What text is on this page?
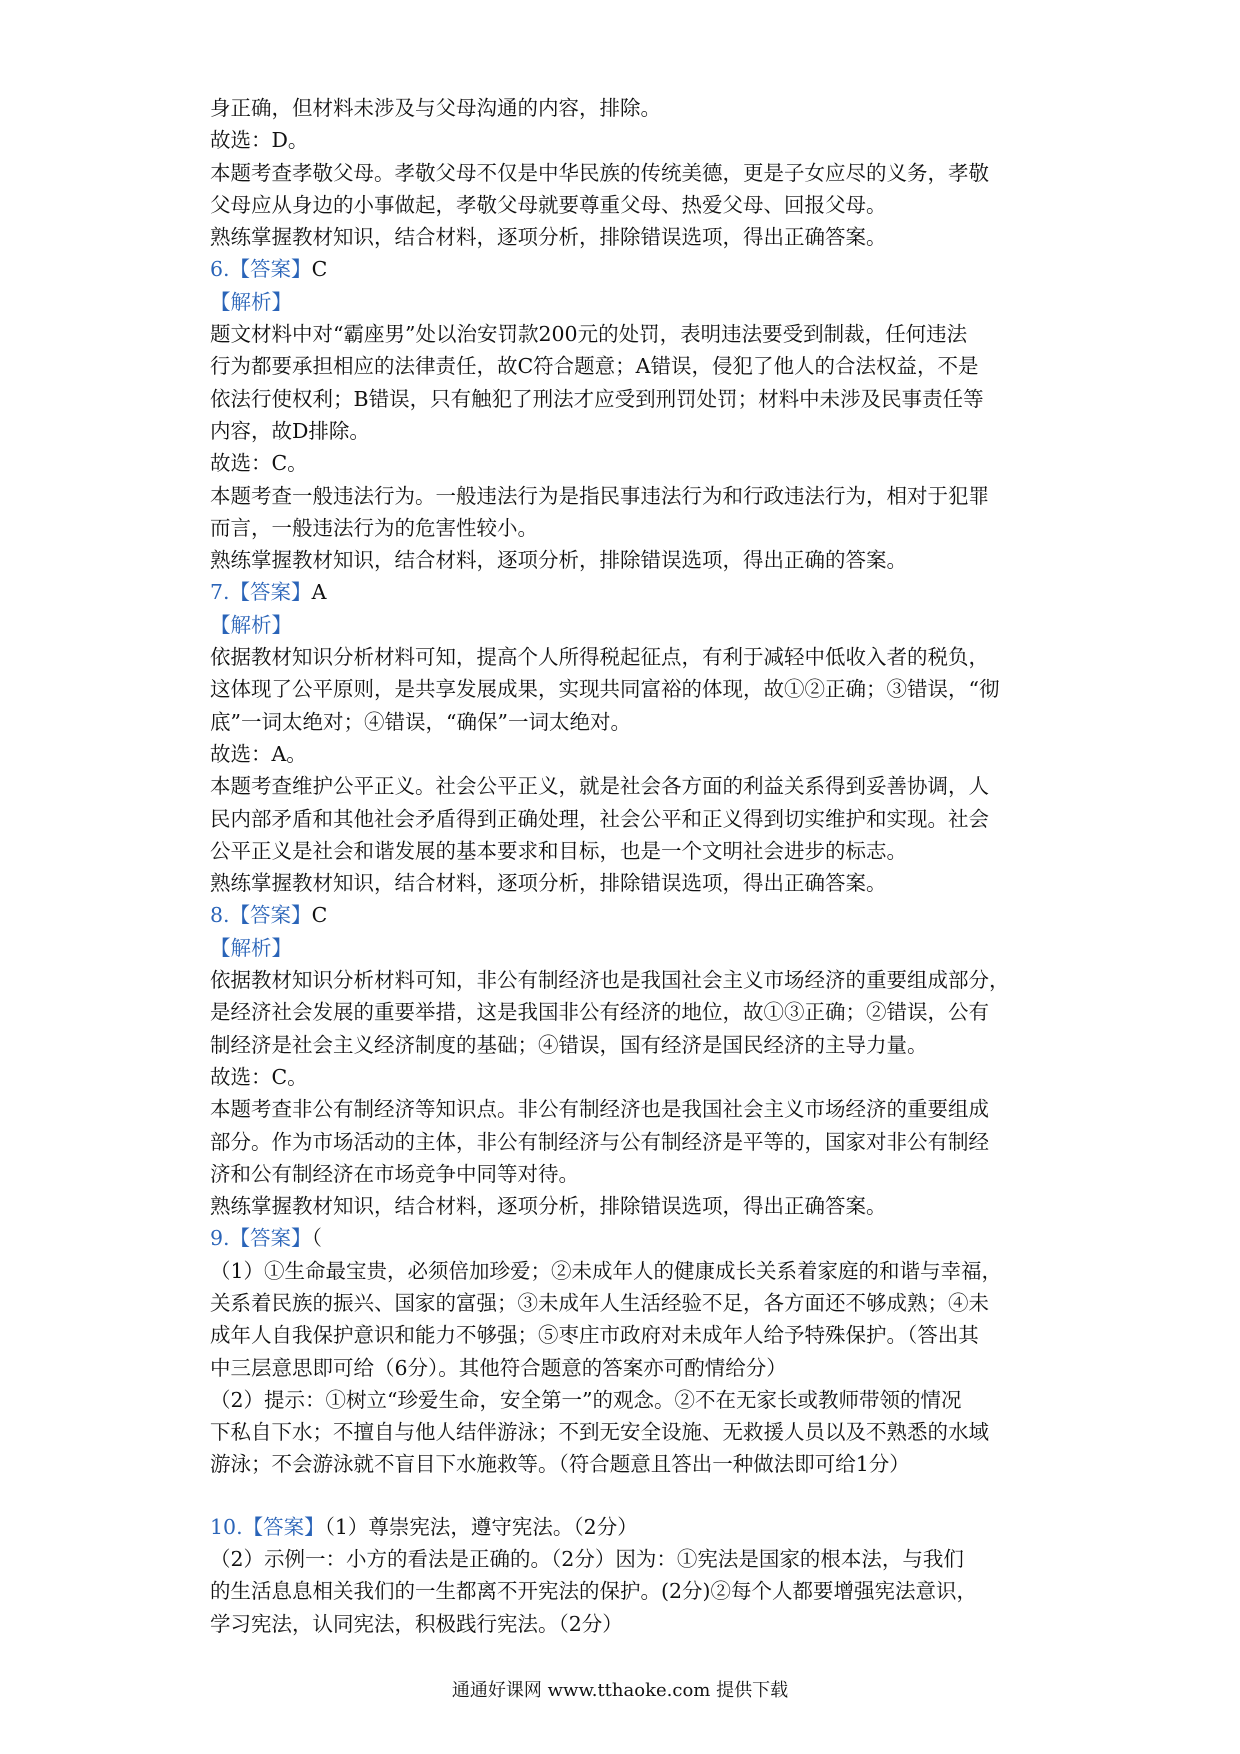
身正确，但材料未涉及与父母沟通的内容，排除。
故选：D。
本题考查孝敬父母。孝敬父母不仅是中华民族的传统美德，更是子女应尽的义务，孝敬
父母应从身边的小事做起，孝敬父母就要尊重父母、热爱父母、回报父母。
熟练掌握教材知识，结合材料，逐项分析，排除错误选项，得出正确答案。
6.【答案】C
【解析】
题文材料中对“霸座男”处以治安罚款200元的处罚，表明违法要受到制裁，任何违法
行为都要承担相应的法律责任，故C符合题意；A错误，侵犯了他人的合法权益，不是
依法行使权利；B错误，只有触犯了刑法才应受到刑罚处罚；材料中未涉及民事责任等
内容，故D排除。
故选：C。
本题考查一般违法行为。一般违法行为是指民事违法行为和行政违法行为，相对于犯罪
而言，一般违法行为的危害性较小。
熟练掌握教材知识，结合材料，逐项分析，排除错误选项，得出正确的答案。
7.【答案】A
【解析】
依据教材知识分析材料可知，提高个人所得税起征点，有利于减轻中低收入者的税负，
这体现了公平原则，是共享发展成果，实现共同富裕的体现，故①②正确；③错误，“彻
底”一词太绝对；④错误，“确保”一词太绝对。
故选：A。
本题考查维护公平正义。社会公平正义，就是社会各方面的利益关系得到妥善协调，人
民内部矛盾和其他社会矛盾得到正确处理，社会公平和正义得到切实维护和实现。社会
公平正义是社会和谐发展的基本要求和目标，也是一个文明社会进步的标志。
熟练掌握教材知识，结合材料，逐项分析，排除错误选项，得出正确答案。
8.【答案】C
【解析】
依据教材知识分析材料可知，非公有制经济也是我国社会主义市场经济的重要组成部分，
是经济社会发展的重要举措，这是我国非公有经济的地位，故①③正确；②错误，公有
制经济是社会主义经济制度的基础；④错误，国有经济是国民经济的主导力量。
故选：C。
本题考查非公有制经济等知识点。非公有制经济也是我国社会主义市场经济的重要组成
部分。作为市场活动的主体，非公有制经济与公有制经济是平等的，国家对非公有制经
济和公有制经济在市场竞争中同等对待。
熟练掌握教材知识，结合材料，逐项分析，排除错误选项，得出正确答案。
9.【答案】（
（1）①生命最宝贵，必须倍加珍爱；②未成年人的健康成长关系着家庭的和谐与幸福，
关系着民族的振兴、国家的富强；③未成年人生活经验不足，各方面还不够成熟；④未
成年人自我保护意识和能力不够强；⑤枣庄市政府对未成年人给予特殊保护。（答出其
中三层意思即可给（6分）。其他符合题意的答案亦可酌情给分）
（2）提示：①树立“珍爱生命，安全第一”的观念。②不在无家长或教师带领的情况
下私自下水；不擅自与他人结伴游泳；不到无安全设施、无救援人员以及不熟悉的水域
游泳；不会游泳就不盲目下水施救等。（符合题意且答出一种做法即可给1分）
10.【答案】（1）尊崇宪法，遵守宪法。（2分）
（2）示例一：小方的看法是正确的。（2分）因为：①宪法是国家的根本法，与我们
的生活息息相关我们的一生都离不开宪法的保护。(2分)②每个人都要增强宪法意识，
学习宪法，认同宪法，积极践行宪法。（2分）
通通好课网 www.tthaoke.com 提供下载
